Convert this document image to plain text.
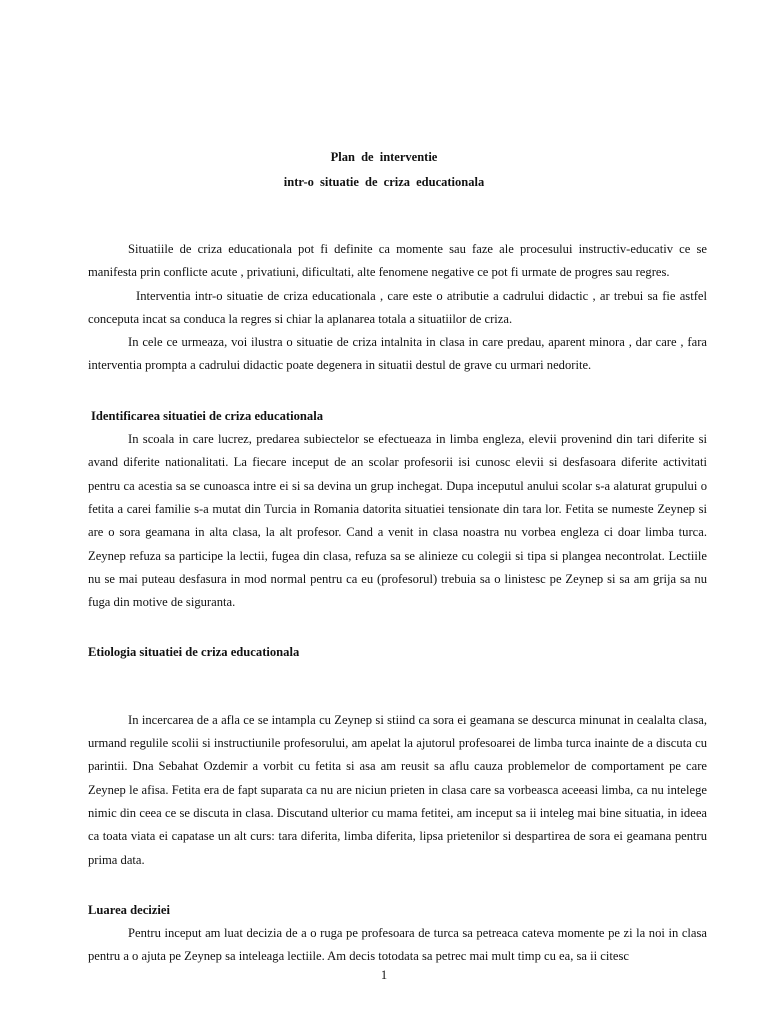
Plan de interventie
intr-o situatie de criza educationala

Situatiile de criza educationala pot fi definite ca momente sau faze ale procesului instructiv-educativ ce se manifesta prin conflicte acute , privatiuni, dificultati, alte fenomene negative ce pot fi urmate de progres sau regres.

Interventia intr-o situatie de criza educationala , care este o atributie a cadrului didactic , ar trebui sa fie astfel conceputa incat sa conduca la regres si chiar la aplanarea totala a situatiilor de criza.

In cele ce urmeaza, voi ilustra o situatie de criza intalnita in clasa in care predau, aparent minora , dar care , fara interventia prompta a cadrului didactic poate degenera in situatii destul de grave cu urmari nedorite.

Identificarea situatiei de criza educationala

In scoala in care lucrez, predarea subiectelor se efectueaza in limba engleza, elevii provenind din tari diferite si avand diferite nationalitati. La fiecare inceput de an scolar profesorii isi cunosc elevii si desfasoara diferite activitati pentru ca acestia sa se cunoasca intre ei si sa devina un grup inchegat. Dupa inceputul anului scolar s-a alaturat grupului o fetita a carei familie s-a mutat din Turcia in Romania datorita situatiei tensionate din tara lor. Fetita se numeste Zeynep si are o sora geamana in alta clasa, la alt profesor. Cand a venit in clasa noastra nu vorbea engleza ci doar limba turca. Zeynep refuza sa participe la lectii, fugea din clasa, refuza sa se alinieze cu colegii si tipa si plangea necontrolat. Lectiile nu se mai puteau desfasura in mod normal pentru ca eu (profesorul) trebuia sa o linistesc pe Zeynep si sa am grija sa nu fuga din motive de siguranta.

Etiologia situatiei de criza educationala

In incercarea de a afla ce se intampla cu Zeynep si stiind ca sora ei geamana se descurca minunat in cealalta clasa, urmand regulile scolii si instructiunile profesorului, am apelat la ajutorul profesoarei de limba turca inainte de a discuta cu parintii. Dna Sebahat Ozdemir a vorbit cu fetita si asa am reusit sa aflu cauza problemelor de comportament pe care Zeynep le afisa. Fetita era de fapt suparata ca nu are niciun prieten in clasa care sa vorbeasca aceeasi limba, ca nu intelege nimic din ceea ce se discuta in clasa. Discutand ulterior cu mama fetitei, am inceput sa ii inteleg mai bine situatia, in ideea ca toata viata ei capatase un alt curs: tara diferita, limba diferita, lipsa prietenilor si despartirea de sora ei geamana pentru prima data.

Luarea deciziei

Pentru inceput am luat decizia de a o ruga pe profesoara de turca sa petreaca cateva momente pe zi la noi in clasa pentru a o ajuta pe Zeynep sa inteleaga lectiile. Am decis totodata sa petrec mai mult timp cu ea, sa ii citesc

1
